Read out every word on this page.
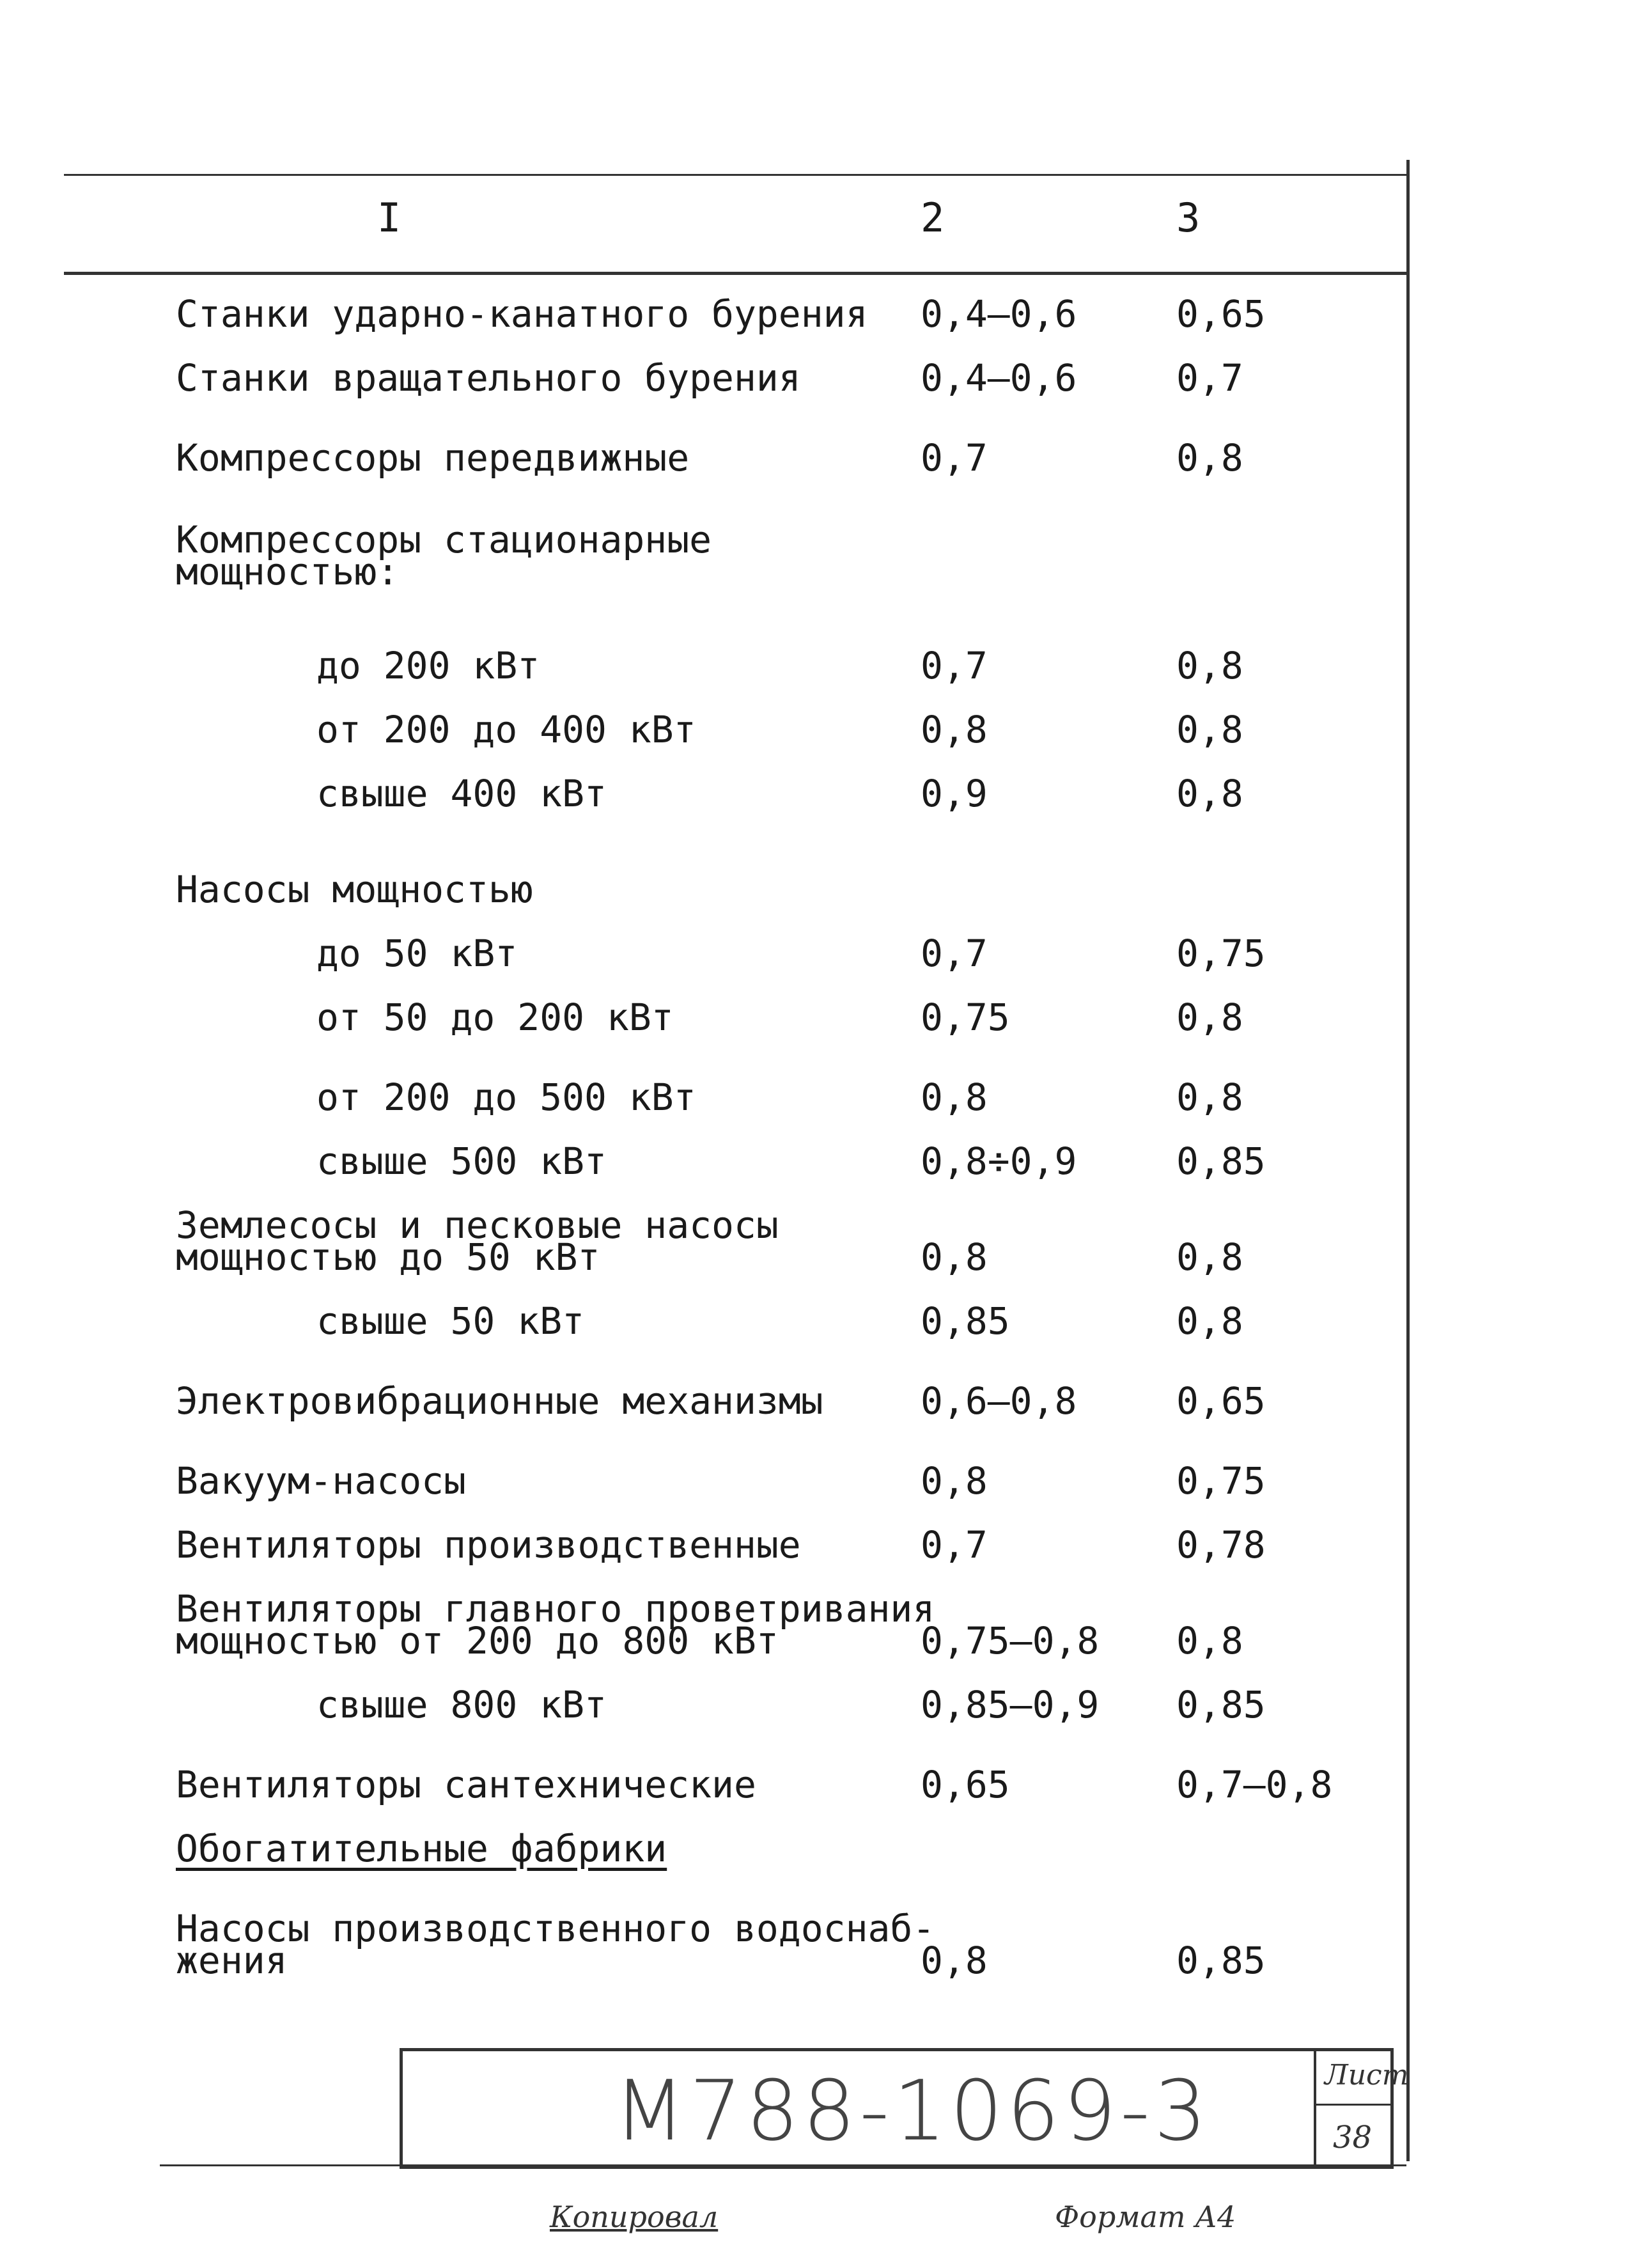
I	2	3
Станки ударно-канатного бурения 0,4–0,6	0,65
Станки вращательного бурения	0,4–0,6	0,7
Компрессоры передвижные	0,7	0,8
Компрессоры стационарные
мощностью:
до 200 кВт	0,7	0,8
от 200 до 400 кВт	0,8	0,8
свыше 400 кВт	0,9	0,8
Насосы мощностью
до 50 кВт	0,7	0,75
от 50 до 200 кВт	0,75	0,8
от 200 до 500 кВт	0,8	0,8
свыше 500 кВт	0,8÷0,9	0,85
Землесосы и песковые насосы
мощностью до 50 кВт	0,8	0,8
свыше 50 кВт	0,85	0,8
Электровибрационные механизмы	0,6–0,8	0,65
Вакуум-насосы	0,8	0,75
Вентиляторы производственные	0,7	0,78
Вентиляторы главного проветривания
мощностью от 200 до 800 кВт	0,75–0,8 0,8
свыше 800 кВт	0,85–0,9 0,85
Вентиляторы сантехнические	0,65	0,7–0,8
Обогатительные фабрики
Насосы производственного водоснаб-
жения	0,8	0,85
М788-1069-3	Лист
38
Копировал	Формат А4
